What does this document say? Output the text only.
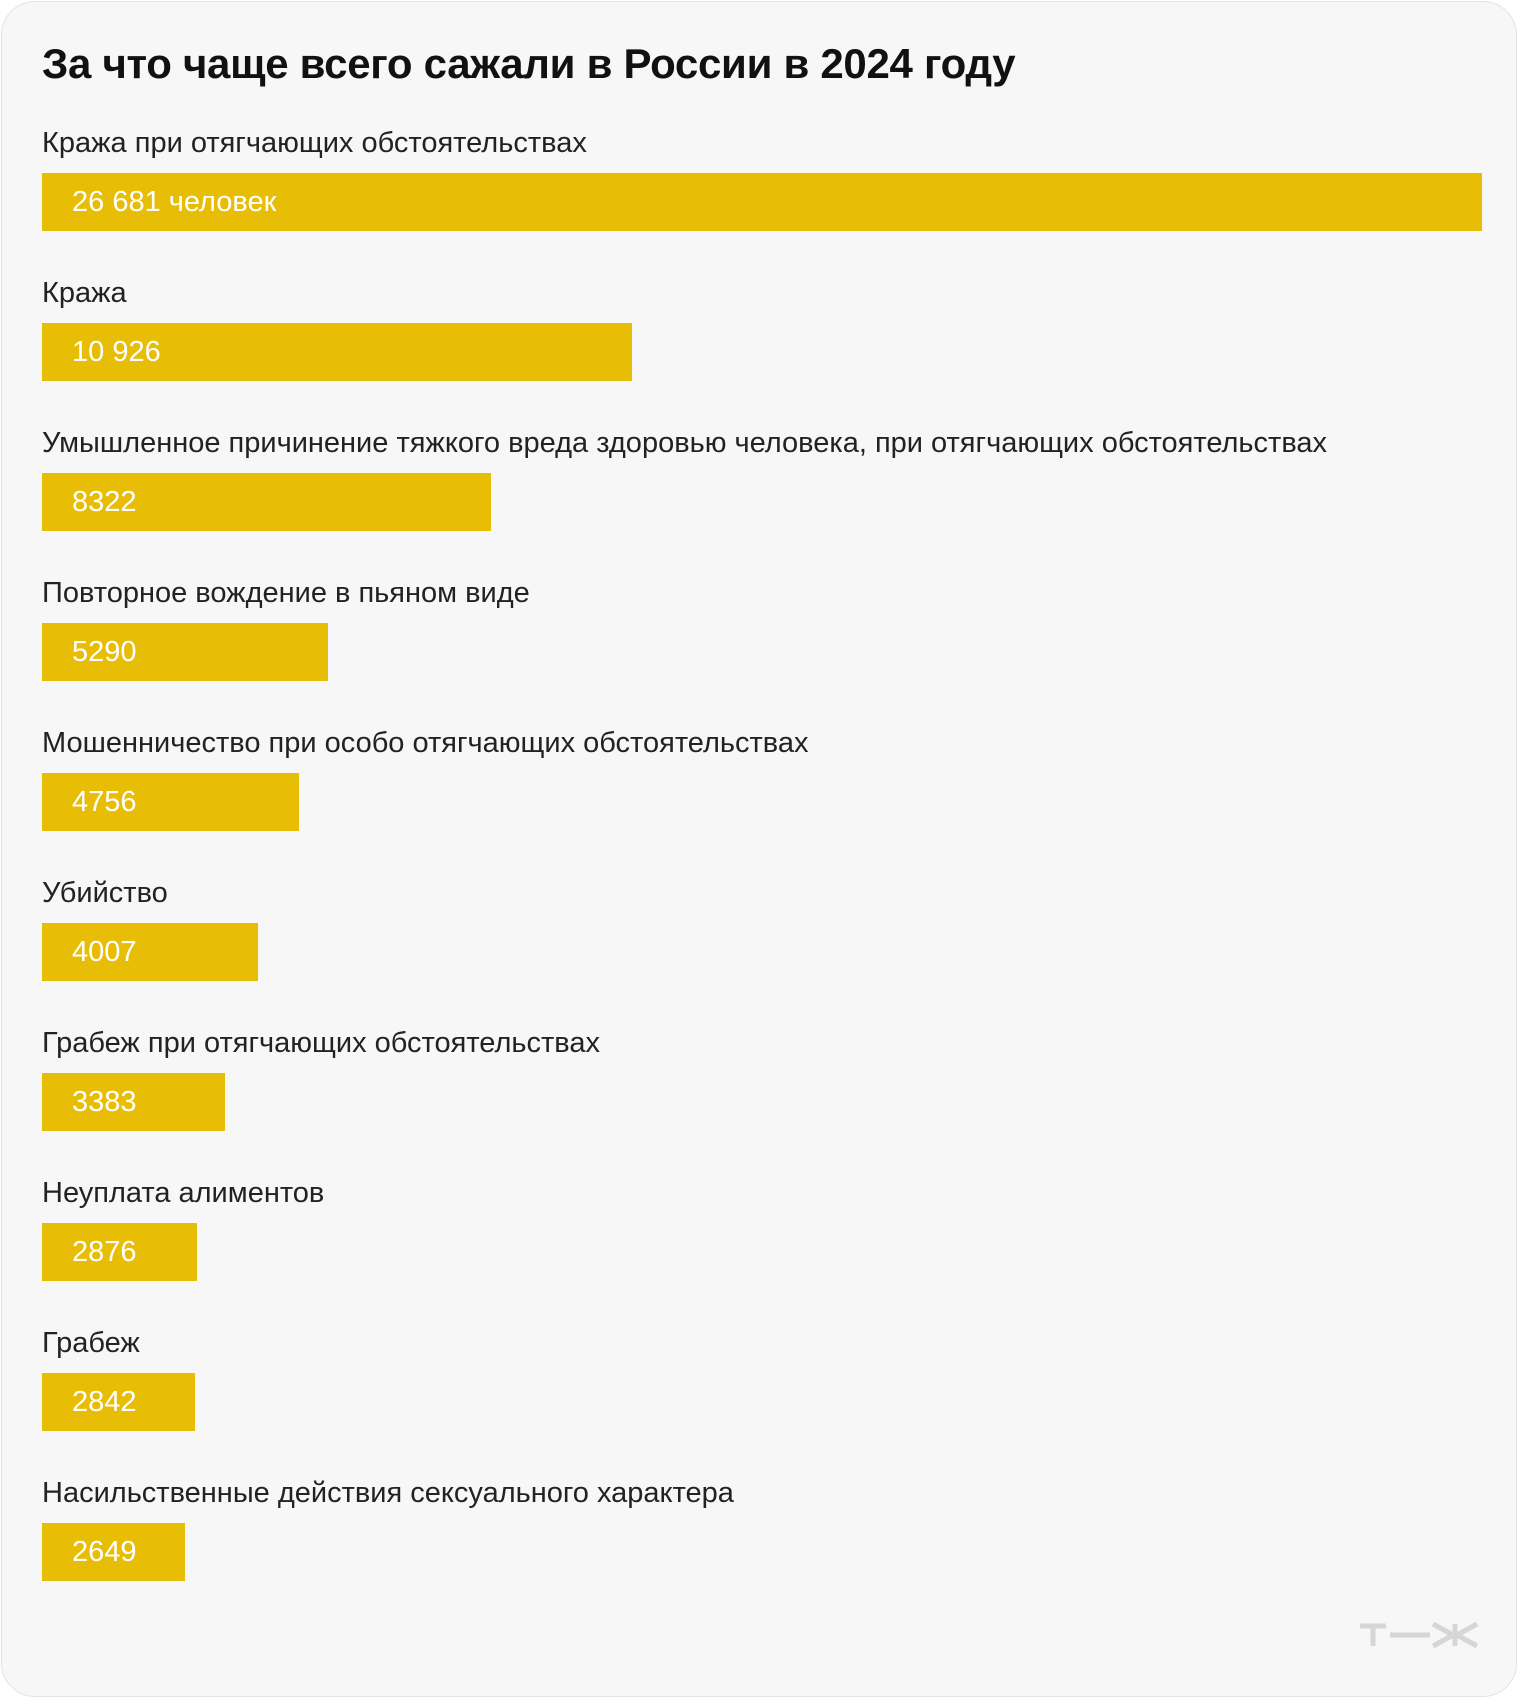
За что чаще всего сажали в России в 2024 году
Кража при отягчающих обстоятельствах
26 681 человек
Кража
10 926
Умышленное причинение тяжкого вреда здоровью человека, при отягчающих обстоятельствах
8322
Повторное вождение в пьяном виде
5290
Мошенничество при особо отягчающих обстоятельствах
4756
Убийство
4007
Грабеж при отягчающих обстоятельствах
3383
Неуплата алиментов
2876
Грабеж
2842
Насильственные действия сексуального характера
2649
